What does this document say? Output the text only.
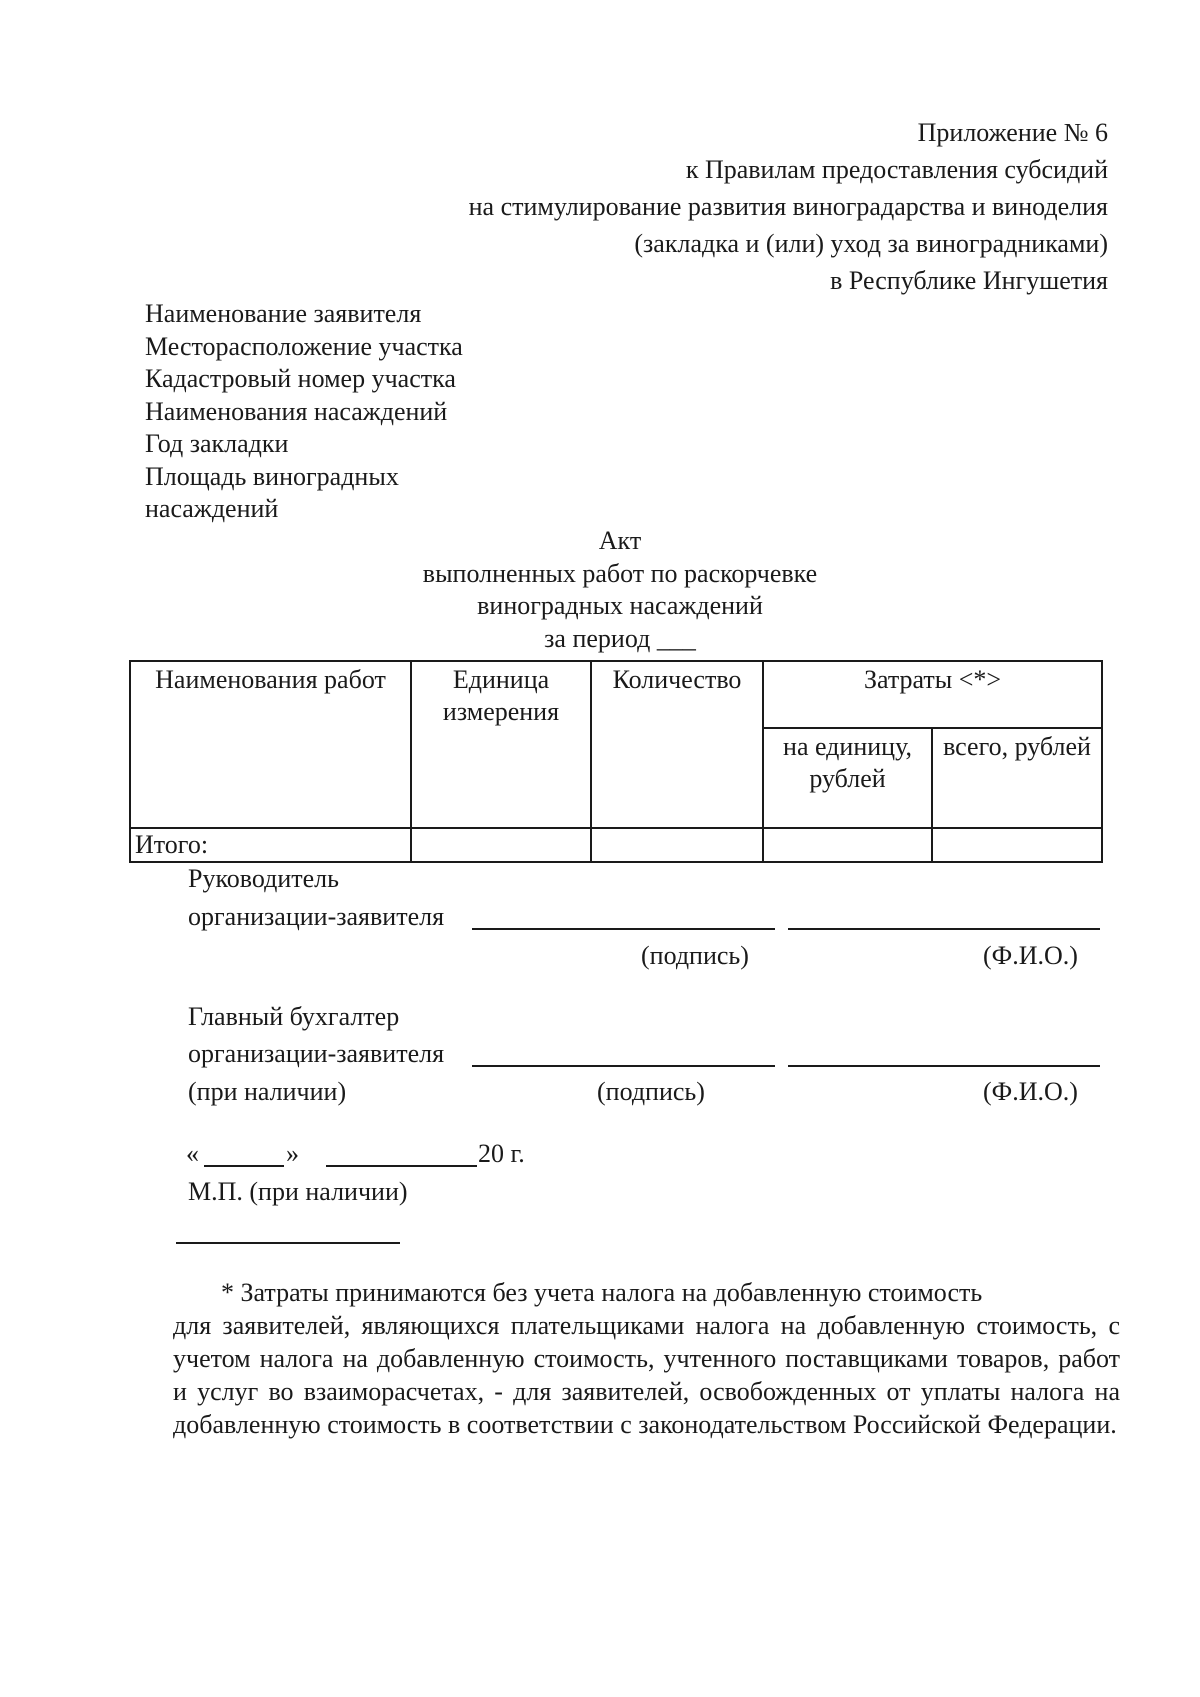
Приложение № 6
к Правилам предоставления субсидий
на стимулирование развития виноградарства и виноделия
(закладка и (или) уход за виноградниками)
в Республике Ингушетия
Наименование заявителя
Месторасположение участка
Кадастровый номер участка
Наименования насаждений
Год закладки
Площадь виноградных
насаждений
Акт
выполненных работ по раскорчевке
виноградных насаждений
за период ___
Наименования работ	Единица измерения	Количество	Затраты <*>	
			на единицу, рублей	всего, рублей
Итого:				
Руководитель
организации-заявителя
(подпись)	(Ф.И.О.)
Главный бухгалтер
организации-заявителя
(при наличии)	(подпись)	(Ф.И.О.)
«	»	20 г.
М.П. (при наличии)
* Затраты принимаются без учета налога на добавленную стоимость
для заявителей, являющихся плательщиками налога на добавленную стоимость, с учетом налога на добавленную стоимость, учтенного поставщиками товаров, работ и услуг во взаиморасчетах, - для заявителей, освобожденных от уплаты налога на добавленную стоимость в соответствии с законодательством Российской Федерации.
